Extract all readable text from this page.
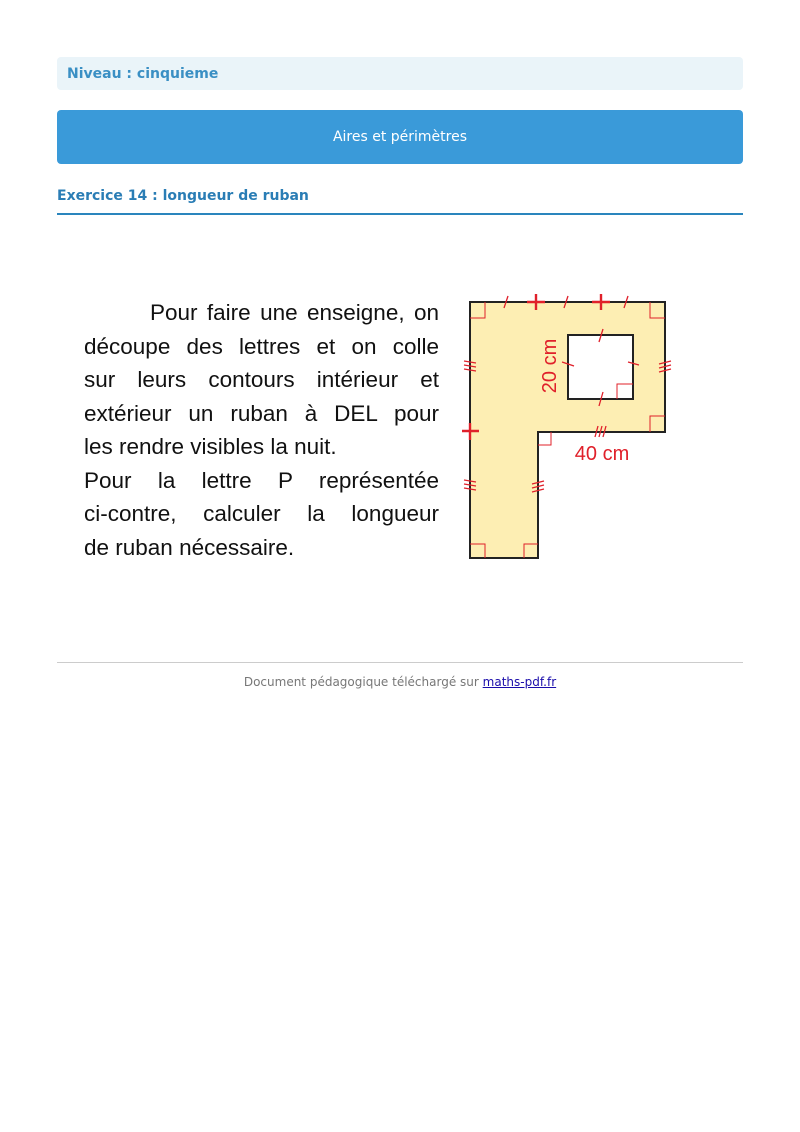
Niveau : cinquieme
Aires et périmètres
Exercice 14 : longueur de ruban
Pour faire une enseigne, on
découpe des lettres et on colle
sur leurs contours intérieur et
extérieur un ruban à DEL pour
les rendre visibles la nuit.
Pour la lettre P représentée
ci-contre, calculer la longueur
de ruban nécessaire.
20 cm
40 cm
Document pédagogique téléchargé sur maths-pdf.fr
